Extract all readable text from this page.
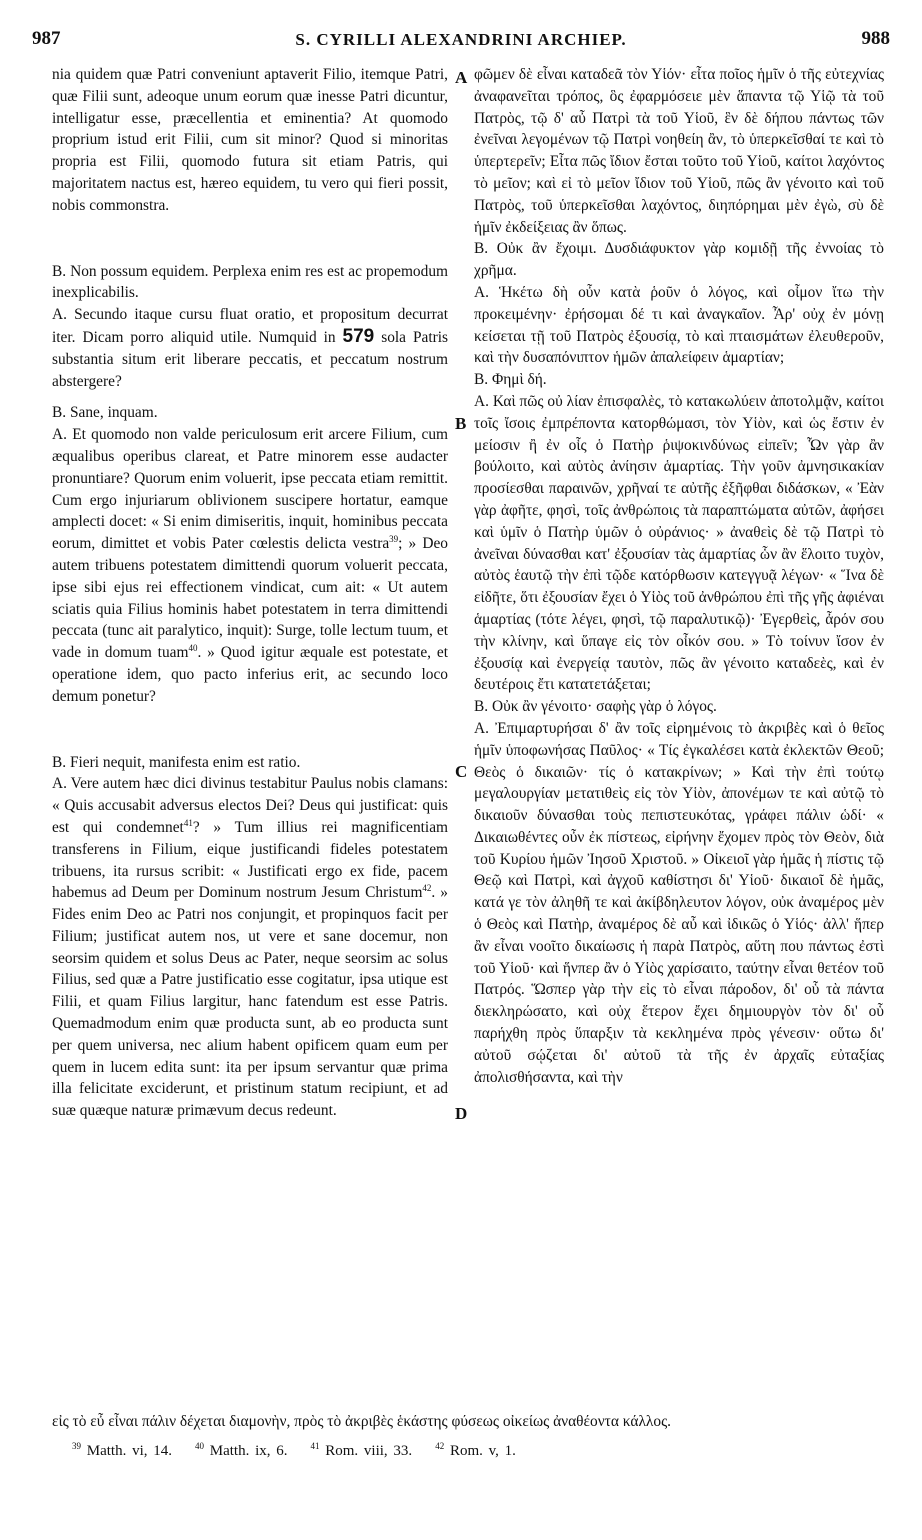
987	S. CYRILLI ALEXANDRINI ARCHIEP.	988
A
B
C
D

nia quidem quæ Patri conveniunt aptaverit Filio, itemque Patri, quæ Filii sunt, adeoque unum eorum quæ inesse Patri dicuntur, intelligatur esse, præcellentia et eminentia? At quomodo proprium istud erit Filii, cum sit minor? Quod si minoritas propria est Filii, quomodo futura sit etiam Patris, qui majoritatem nactus est, hæreo equidem, tu vero qui fieri possit, nobis commonstra.

B. Non possum equidem. Perplexa enim res est ac propemodum inexplicabilis.

A. Secundo itaque cursu fluat oratio, et propositum decurrat iter. Dicam porro aliquid utile. Numquid in 579 sola Patris substantia situm erit liberare peccatis, et peccatum nostrum abstergere?

B. Sane, inquam.

A. Et quomodo non valde periculosum erit arcere Filium, cum æqualibus operibus clareat, et Patre minorem esse audacter pronuntiare? Quorum enim voluerit, ipse peccata etiam remittit. Cum ergo injuriarum oblivionem suscipere hortatur, eamque amplecti docet: « Si enim dimiseritis, inquit, hominibus peccata eorum, dimittet et vobis Pater cœlestis delicta vestra$^{39}$; » Deo autem tribuens potestatem dimittendi quorum voluerit peccata, ipse sibi ejus rei effectionem vindicat, cum ait: « Ut autem sciatis quia Filius hominis habet potestatem in terra dimittendi peccata (tunc ait paralytico, inquit): Surge, tolle lectum tuum, et vade in domum tuam$^{40}$. » Quod igitur æquale est potestate, et operatione idem, quo pacto inferius erit, ac secundo loco demum ponetur?

B. Fieri nequit, manifesta enim est ratio.

A. Vere autem hæc dici divinus testabitur Paulus nobis clamans: « Quis accusabit adversus electos Dei? Deus qui justificat: quis est qui condemnet$^{41}$? » Tum illius rei magnificentiam transferens in Filium, eique justificandi fideles potestatem tribuens, ita rursus scribit: « Justificati ergo ex fide, pacem habemus ad Deum per Dominum nostrum Jesum Christum$^{42}$. » Fides enim Deo ac Patri nos conjungit, et propinquos facit per Filium; justificat autem nos, ut vere et sane docemur, non seorsim quidem et solus Deus ac Pater, neque seorsim ac solus Filius, sed quæ a Patre justificatio esse cogitatur, ipsa utique est Filii, et quam Filius largitur, hanc fatendum est esse Patris. Quemadmodum enim quæ producta sunt, ab eo producta sunt per quem universa, nec alium habent opificem quam eum per quem in lucem edita sunt: ita per ipsum servantur quæ prima illa felicitate exciderunt, et pristinum statum recipiunt, et ad suæ quæque naturæ primævum decus redeunt.

φῶμεν δὲ εἶναι καταδεᾶ τὸν Υἱόν· εἶτα ποῖος ἡμῖν ὁ τῆς εὐτεχνίας ἀναφανεῖται τρόπος, ὃς ἐφαρμόσειε μὲν ἅπαντα τῷ Υἱῷ τὰ τοῦ Πατρὸς, τῷ δ' αὖ Πατρὶ τὰ τοῦ Υἱοῦ, ἓν δὲ δήπου πάντως τῶν ἐνεῖναι λεγομένων τῷ Πατρὶ νοηθείη ἂν, τὸ ὑπερκεῖσθαί τε καὶ τὸ ὑπερτερεῖν; Εἶτα πῶς ἴδιον ἔσται τοῦτο τοῦ Υἱοῦ, καίτοι λαχόντος τὸ μεῖον; καὶ εἰ τὸ μεῖον ἴδιον τοῦ Υἱοῦ, πῶς ἂν γένοιτο καὶ τοῦ Πατρὸς, τοῦ ὑπερκεῖσθαι λαχόντος, διηπόρημαι μὲν ἐγὼ, σὺ δὲ ἡμῖν ἐκδείξειας ἂν ὅπως.

Β. Οὐκ ἂν ἔχοιμι. Δυσδιάφυκτον γὰρ κομιδῇ τῆς ἐννοίας τὸ χρῆμα.

Α. Ἡκέτω δὴ οὖν κατὰ ῥοῦν ὁ λόγος, καὶ οἶμον ἴτω τὴν προκειμένην· ἐρήσομαι δέ τι καὶ ἀναγκαῖον. Ἆρ' οὐχ ἐν μόνῃ κείσεται τῇ τοῦ Πατρὸς ἐξουσίᾳ, τὸ καὶ πταισμάτων ἐλευθεροῦν, καὶ τὴν δυσαπόνιπτον ἡμῶν ἀπαλείφειν ἁμαρτίαν;

Β. Φημὶ δή.

Α. Καὶ πῶς οὐ λίαν ἐπισφαλὲς, τὸ κατακωλύειν ἀποτολμᾷν, καίτοι τοῖς ἴσοις ἐμπρέποντα κατορθώμασι, τὸν Υἱὸν, καὶ ὡς ἔστιν ἐν μείοσιν ἢ ἐν οἷς ὁ Πατὴρ ῥιψοκινδύνως εἰπεῖν; Ὧν γὰρ ἂν βούλοιτο, καὶ αὐτὸς ἀνίησιν ἁμαρτίας. Τὴν γοῦν ἀμνησικακίαν προσίεσθαι παραινῶν, χρῆναί τε αὐτῆς ἐξῆφθαι διδάσκων, « Ἐὰν γὰρ ἀφῆτε, φησὶ, τοῖς ἀνθρώποις τὰ παραπτώματα αὐτῶν, ἀφήσει καὶ ὑμῖν ὁ Πατὴρ ὑμῶν ὁ οὐράνιος· » ἀναθεὶς δὲ τῷ Πατρὶ τὸ ἀνεῖναι δύνασθαι κατ' ἐξουσίαν τὰς ἁμαρτίας ὧν ἂν ἕλοιτο τυχὸν, αὐτὸς ἑαυτῷ τὴν ἐπὶ τῷδε κατόρθωσιν κατεγγυᾷ λέγων· « Ἵνα δὲ εἰδῆτε, ὅτι ἐξουσίαν ἔχει ὁ Υἱὸς τοῦ ἀνθρώπου ἐπὶ τῆς γῆς ἀφιέναι ἁμαρτίας (τότε λέγει, φησὶ, τῷ παραλυτικῷ)· Ἐγερθεὶς, ἆρόν σου τὴν κλίνην, καὶ ὕπαγε εἰς τὸν οἶκόν σου. » Τὸ τοίνυν ἴσον ἐν ἐξουσίᾳ καὶ ἐνεργείᾳ ταυτὸν, πῶς ἂν γένοιτο καταδεὲς, καὶ ἐν δευτέροις ἔτι κατατετάξεται;

Β. Οὐκ ἂν γένοιτο· σαφὴς γὰρ ὁ λόγος.

Α. Ἐπιμαρτυρήσαι δ' ἂν τοῖς εἰρημένοις τὸ ἀκριβὲς καὶ ὁ θεῖος ἡμῖν ὑποφωνήσας Παῦλος· « Τίς ἐγκαλέσει κατὰ ἐκλεκτῶν Θεοῦ; Θεὸς ὁ δικαιῶν· τίς ὁ κατακρίνων; » Καὶ τὴν ἐπὶ τούτῳ μεγαλουργίαν μετατιθεὶς εἰς τὸν Υἱὸν, ἀπονέμων τε καὶ αὐτῷ τὸ δικαιοῦν δύνασθαι τοὺς πεπιστευκότας, γράφει πάλιν ὡδί· « Δικαιωθέντες οὖν ἐκ πίστεως, εἰρήνην ἔχομεν πρὸς τὸν Θεὸν, διὰ τοῦ Κυρίου ἡμῶν Ἰησοῦ Χριστοῦ. » Οἰκειοῖ γὰρ ἡμᾶς ἡ πίστις τῷ Θεῷ καὶ Πατρὶ, καὶ ἀγχοῦ καθίστησι δι' Υἱοῦ· δικαιοῖ δὲ ἡμᾶς, κατά γε τὸν ἀληθῆ τε καὶ ἀκίβδηλευτον λόγον, οὐκ ἀναμέρος μὲν ὁ Θεὸς καὶ Πατὴρ, ἀναμέρος δὲ αὖ καὶ ἰδικῶς ὁ Υἱός· ἀλλ' ἥπερ ἂν εἶναι νοοῖτο δικαίωσις ἡ παρὰ Πατρὸς, αὕτη που πάντως ἐστὶ τοῦ Υἱοῦ· καὶ ἥνπερ ἂν ὁ Υἱὸς χαρίσαιτο, ταύτην εἶναι θετέον τοῦ Πατρός. Ὥσπερ γὰρ τὴν εἰς τὸ εἶναι πάροδον, δι' οὗ τὰ πάντα διεκληρώσατο, καὶ οὐχ ἕτερον ἔχει δημιουργὸν τὸν δι' οὗ παρήχθη πρὸς ὕπαρξιν τὰ κεκλημένα πρὸς γένεσιν· οὕτω δι' αὐτοῦ σῴζεται δι' αὐτοῦ τὰ τῆς ἐν ἀρχαῖς εὐταξίας ἀπολισθήσαντα, καὶ τὴν

εἰς τὸ εὖ εἶναι πάλιν δέχεται διαμονὴν, πρὸς τὸ ἀκριβὲς ἑκάστης φύσεως οἰκείως ἀναθέοντα κάλλος.
$^{39}$ Matth. vi, 14.	$^{40}$ Matth. ix, 6.	$^{41}$ Rom. viii, 33.	$^{42}$ Rom. v, 1.
